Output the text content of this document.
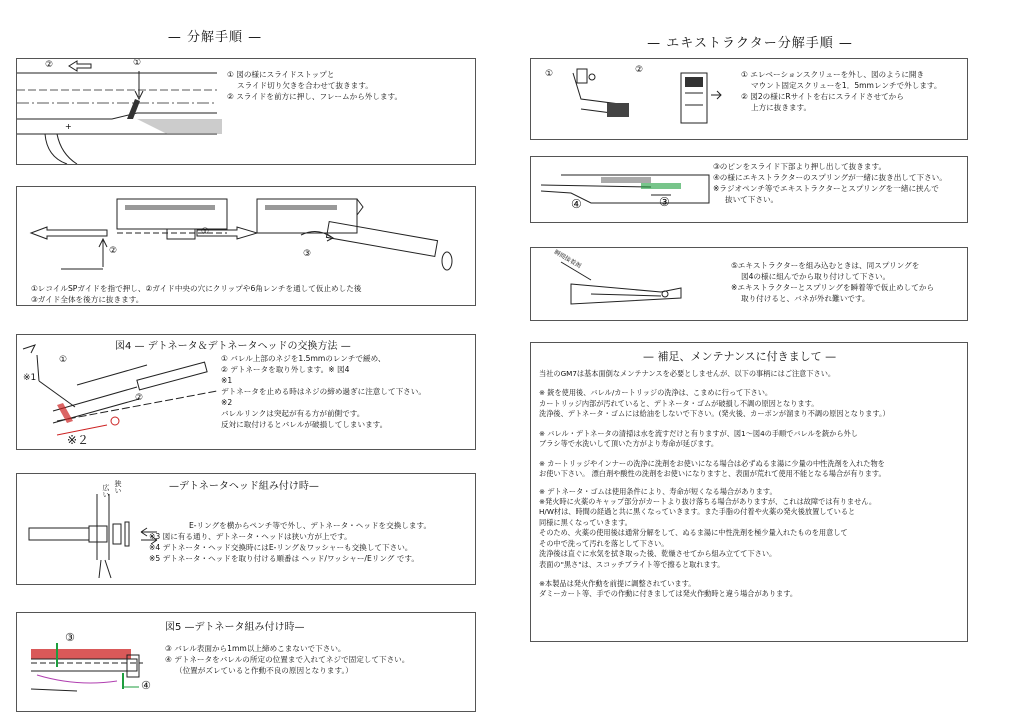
— 分解手順 —
+
②	①
① 図の様にスライドストップと
スライド切り欠きを合わせて抜きます。
② スライドを前方に押し、フレームから外します。
①
②	③
①レコイルSPガイドを指で押し、②ガイド中央の穴にクリップや6角レンチを通して仮止めした後
③ガイド全体を後方に抜きます。
図4 — デトネータ＆デトネータヘッドの交換方法 —
①
※1
②
※２
① バレル上部のネジを1.5mmのレンチで緩め、
② デトネータを取り外します。※ 図4
※1
デトネータを止める時はネジの締め過ぎに注意して下さい。
※2
バレルリンクは突起が有る方が前側です。
反対に取付けるとバレルが破損してしまいます。
—デトネータヘッド組み付け時—
広い 狭い
E-リングを横からペンチ等で外し、デトネータ・ヘッドを交換します。
※3 図に有る通り、デトネータ・ヘッドは狭い方が上です。
※4 デトネータ・ヘッド交換時にはE-リング＆ワッシャーも交換して下さい。
※5 デトネータ・ヘッドを取り付ける順番は ヘッド/ワッシャー/Eリング です。
図5 —デトネータ組み付け時—
③
④
③ バレル表面から1mm以上締めこまないで下さい。
④ デトネータをバレルの所定の位置まで入れてネジで固定して下さい。
（位置がズレていると作動不良の原因となります。）
— エキストラクター分解手順 —
①	②	① エレベーションスクリューを外し、図のように開き
マウント固定スクリューを1．5mmレンチで外します。
② 図2の様にRサイトを右にスライドさせてから
上方に抜きます。
④	③
③のピンをスライド下部より押し出して抜きます。
④の様にエキストラクターのスプリングが一緒に抜き出して下さい。
※ラジオペンチ等でエキストラクターとスプリングを一緒に挟んで
抜いて下さい。
瞬間接着剤	⑤エキストラクターを組み込むときは、同スプリングを
図4の様に組んでから取り付けして下さい。
※エキストラクターとスプリングを瞬着等で仮止めしてから
取り付けると、バネが外れ難いです。
— 補足、メンテナンスに付きまして —
当社のGM7は基本面倒なメンテナンスを必要としませんが、以下の事柄にはご注意下さい。
※ 銃を使用後、バレル/カートリッジの洗浄は、こまめに行って下さい。
カートリッジ内部が汚れていると、デトネータ・ゴムが破損し不調の原因となります。
洗浄後、デトネータ・ゴムには給油をしないで下さい。(発火後、カーボンが溜まり不調の原因となります。）
※ バレル・デトネータの清掃は水を流すだけと有りますが、図1～図4の手順でバレルを銃から外し
ブラシ等で水洗いして頂いた方がより寿命が延びます。
※ カートリッジやインナーの洗浄に洗剤をお使いになる場合は必ずぬるま湯に少量の中性洗剤を入れた物を
お使い下さい。 漂白剤や酸性の洗剤をお使いになりますと、表面が荒れて使用不能となる場合が有ります。
※ デトネータ・ゴムは使用条件により、寿命が短くなる場合があります。
※発火時に火薬のキャップ部分がカートより抜け落ちる場合がありますが、これは故障では有りません。
H/W材は、時間の経過と共に黒くなっていきます。また手脂の付着や火薬の発火後放置していると
同様に黒くなっていきます。
そのため、火薬の使用後は通常分解をして、ぬるま湯に中性洗剤を極少量入れたものを用意して
その中で洗って汚れを落として下さい。
洗浄後は直ぐに水気を拭き取った後、乾燥させてから組み立てて下さい。
表面の"黒さ"は、スコッチブライト等で擦ると取れます。
※本製品は発火作動を前提に調整されています。
ダミーカート等、手での作動に付きましては発火作動時と違う場合があります。
